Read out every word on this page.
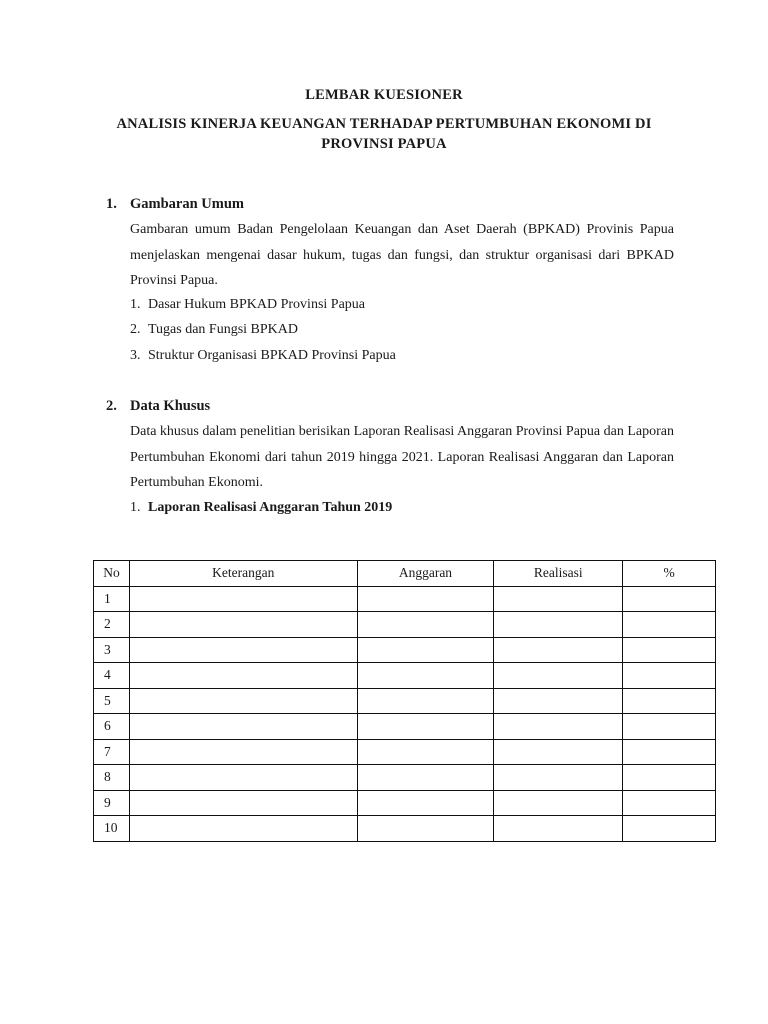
LEMBAR KUESIONER
ANALISIS KINERJA KEUANGAN TERHADAP PERTUMBUHAN EKONOMI DI PROVINSI PAPUA
1. Gambaran Umum
Gambaran umum Badan Pengelolaan Keuangan dan Aset Daerah (BPKAD) Provinis Papua menjelaskan mengenai dasar hukum, tugas dan fungsi, dan struktur organisasi dari BPKAD Provinsi Papua.
1. Dasar Hukum BPKAD Provinsi Papua
2. Tugas dan Fungsi BPKAD
3. Struktur Organisasi BPKAD Provinsi Papua
2. Data Khusus
Data khusus dalam penelitian berisikan Laporan Realisasi Anggaran Provinsi Papua dan Laporan Pertumbuhan Ekonomi dari tahun 2019 hingga 2021. Laporan Realisasi Anggaran dan Laporan Pertumbuhan Ekonomi.
1. Laporan Realisasi Anggaran Tahun 2019
No	Keterangan	Anggaran	Realisasi	%
1				
2				
3				
4				
5				
6				
7				
8				
9				
10				
